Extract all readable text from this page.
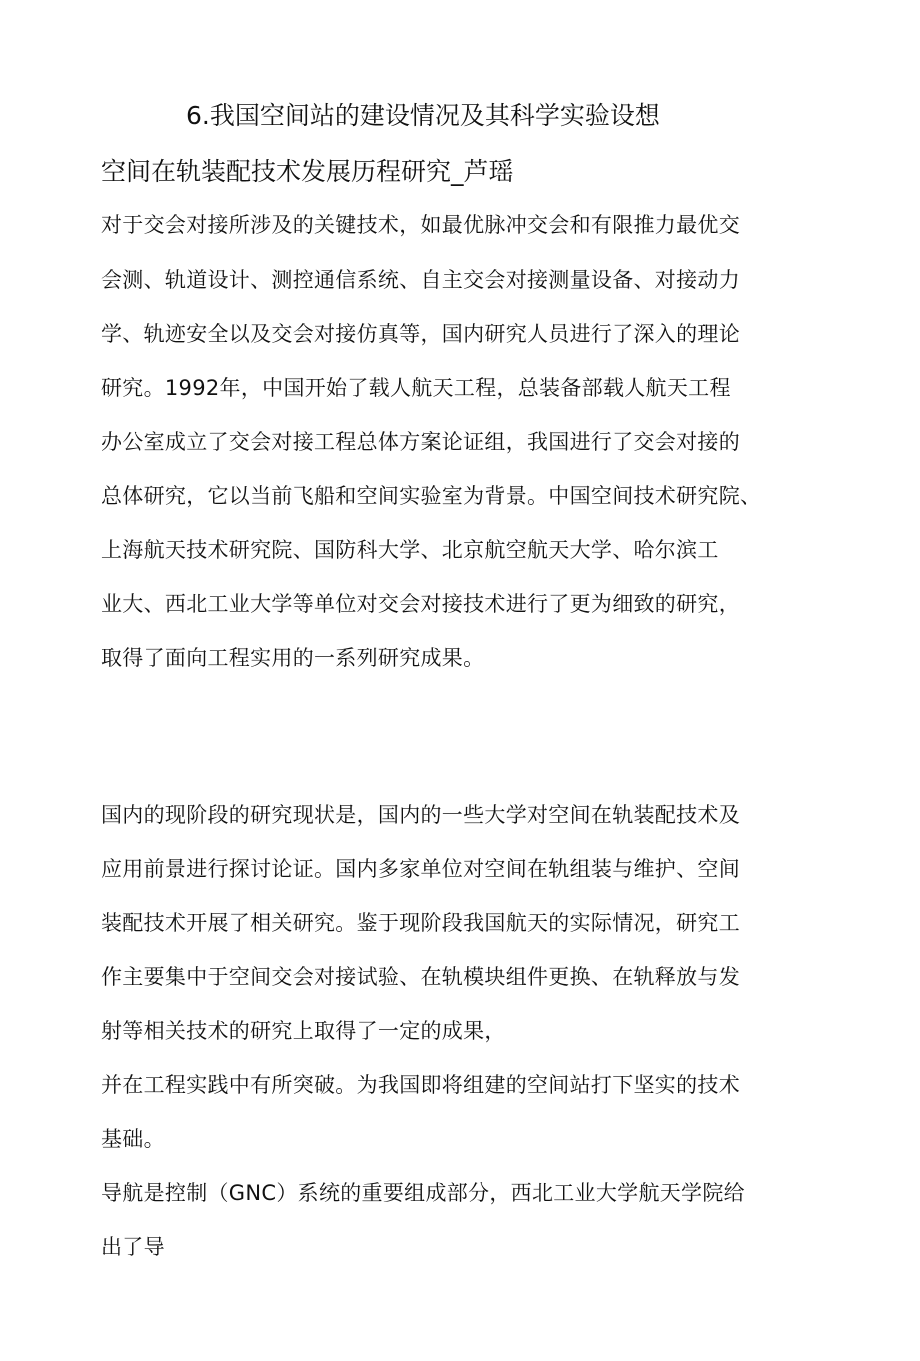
6.我国空间站的建设情况及其科学实验设想
空间在轨装配技术发展历程研究_芦瑶

对于交会对接所涉及的关键技术，如最优脉冲交会和有限推力最优交

会测、轨道设计、测控通信系统、自主交会对接测量设备、对接动力

学、轨迹安全以及交会对接仿真等，国内研究人员进行了深入的理论

研究。1992年，中国开始了载人航天工程，总装备部载人航天工程

办公室成立了交会对接工程总体方案论证组，我国进行了交会对接的

总体研究，它以当前飞船和空间实验室为背景。中国空间技术研究院、

上海航天技术研究院、国防科大学、北京航空航天大学、哈尔滨工

业大、西北工业大学等单位对交会对接技术进行了更为细致的研究，

取得了面向工程实用的一系列研究成果。

国内的现阶段的研究现状是，国内的一些大学对空间在轨装配技术及

应用前景进行探讨论证。国内多家单位对空间在轨组装与维护、空间

装配技术开展了相关研究。鉴于现阶段我国航天的实际情况，研究工

作主要集中于空间交会对接试验、在轨模块组件更换、在轨释放与发

射等相关技术的研究上取得了一定的成果，

并在工程实践中有所突破。为我国即将组建的空间站打下坚实的技术

基础。

导航是控制（GNC）系统的重要组成部分，西北工业大学航天学院给

出了导
